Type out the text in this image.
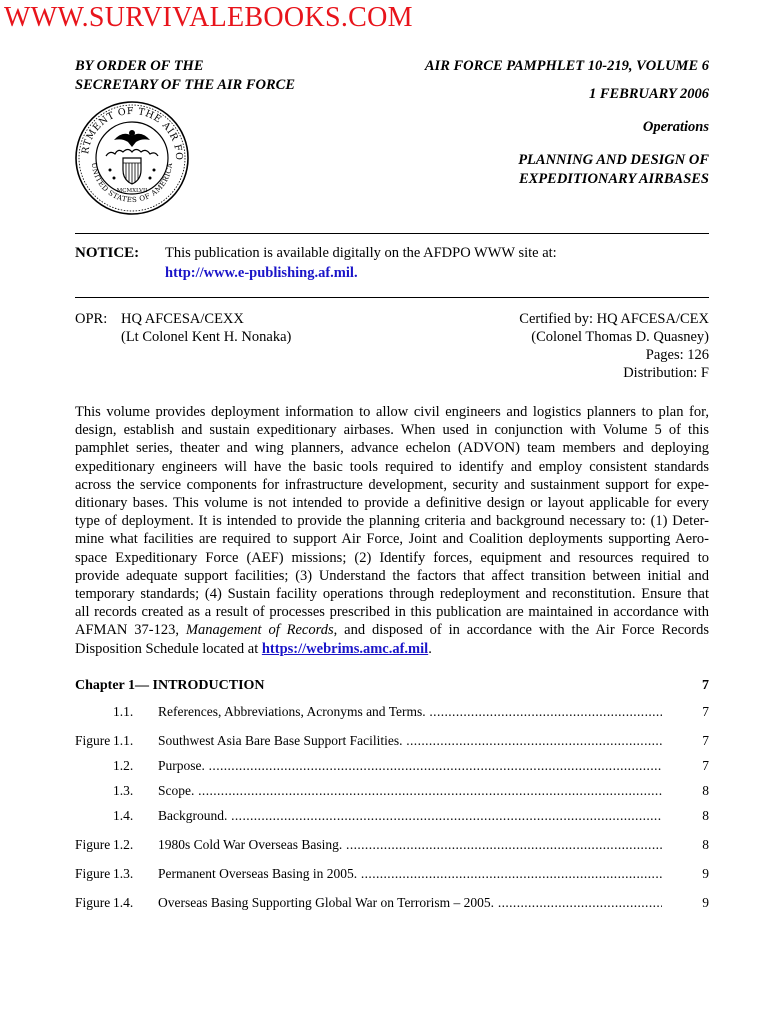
WWW.SURVIVALEBOOKS.COM
BY ORDER OF THE
SECRETARY OF THE AIR FORCE
AIR FORCE PAMPHLET 10-219, VOLUME 6
1 FEBRUARY 2006
Operations
PLANNING AND DESIGN OF
EXPEDITIONARY AIRBASES
RTMENT OF THE AIR FO
UNITED STATES OF AMERICA
MCMXLVII
NOTICE: This publication is available digitally on the AFDPO WWW site at:
http://www.e-publishing.af.mil.
OPR: HQ AFCESA/CEXX
(Lt Colonel Kent H. Nonaka)
Certified by: HQ AFCESA/CEX
(Colonel Thomas D. Quasney)
Pages: 126
Distribution: F
This volume provides deployment information to allow civil engineers and logistics planners to plan for,
design, establish and sustain expeditionary airbases. When used in conjunction with Volume 5 of this
pamphlet series, theater and wing planners, advance echelon (ADVON) team members and deploying
expeditionary engineers will have the basic tools required to identify and employ consistent standards
across the service components for infrastructure development, security and sustainment support for expe-
ditionary bases. This volume is not intended to provide a definitive design or layout applicable for every
type of deployment. It is intended to provide the planning criteria and background necessary to: (1) Deter-
mine what facilities are required to support Air Force, Joint and Coalition deployments supporting Aero-
space Expeditionary Force (AEF) missions; (2) Identify forces, equipment and resources required to
provide adequate support facilities; (3) Understand the factors that affect transition between initial and
temporary standards; (4) Sustain facility operations through redeployment and reconstitution. Ensure that
all records created as a result of processes prescribed in this publication are maintained in accordance with
AFMAN 37-123, Management of Records, and disposed of in accordance with the Air Force Records
Disposition Schedule located at https://webrims.amc.af.mil.
Chapter 1— INTRODUCTION	7
1.1. References, Abbreviations, Acronyms and Terms. .....	7
Figure 1.1. Southwest Asia Bare Base Support Facilities. .....	7
1.2. Purpose. .....	7
1.3. Scope. .....	8
1.4. Background. .....	8
Figure 1.2. 1980s Cold War Overseas Basing. .....	8
Figure 1.3. Permanent Overseas Basing in 2005. .....	9
Figure 1.4. Overseas Basing Supporting Global War on Terrorism – 2005. .....	9
